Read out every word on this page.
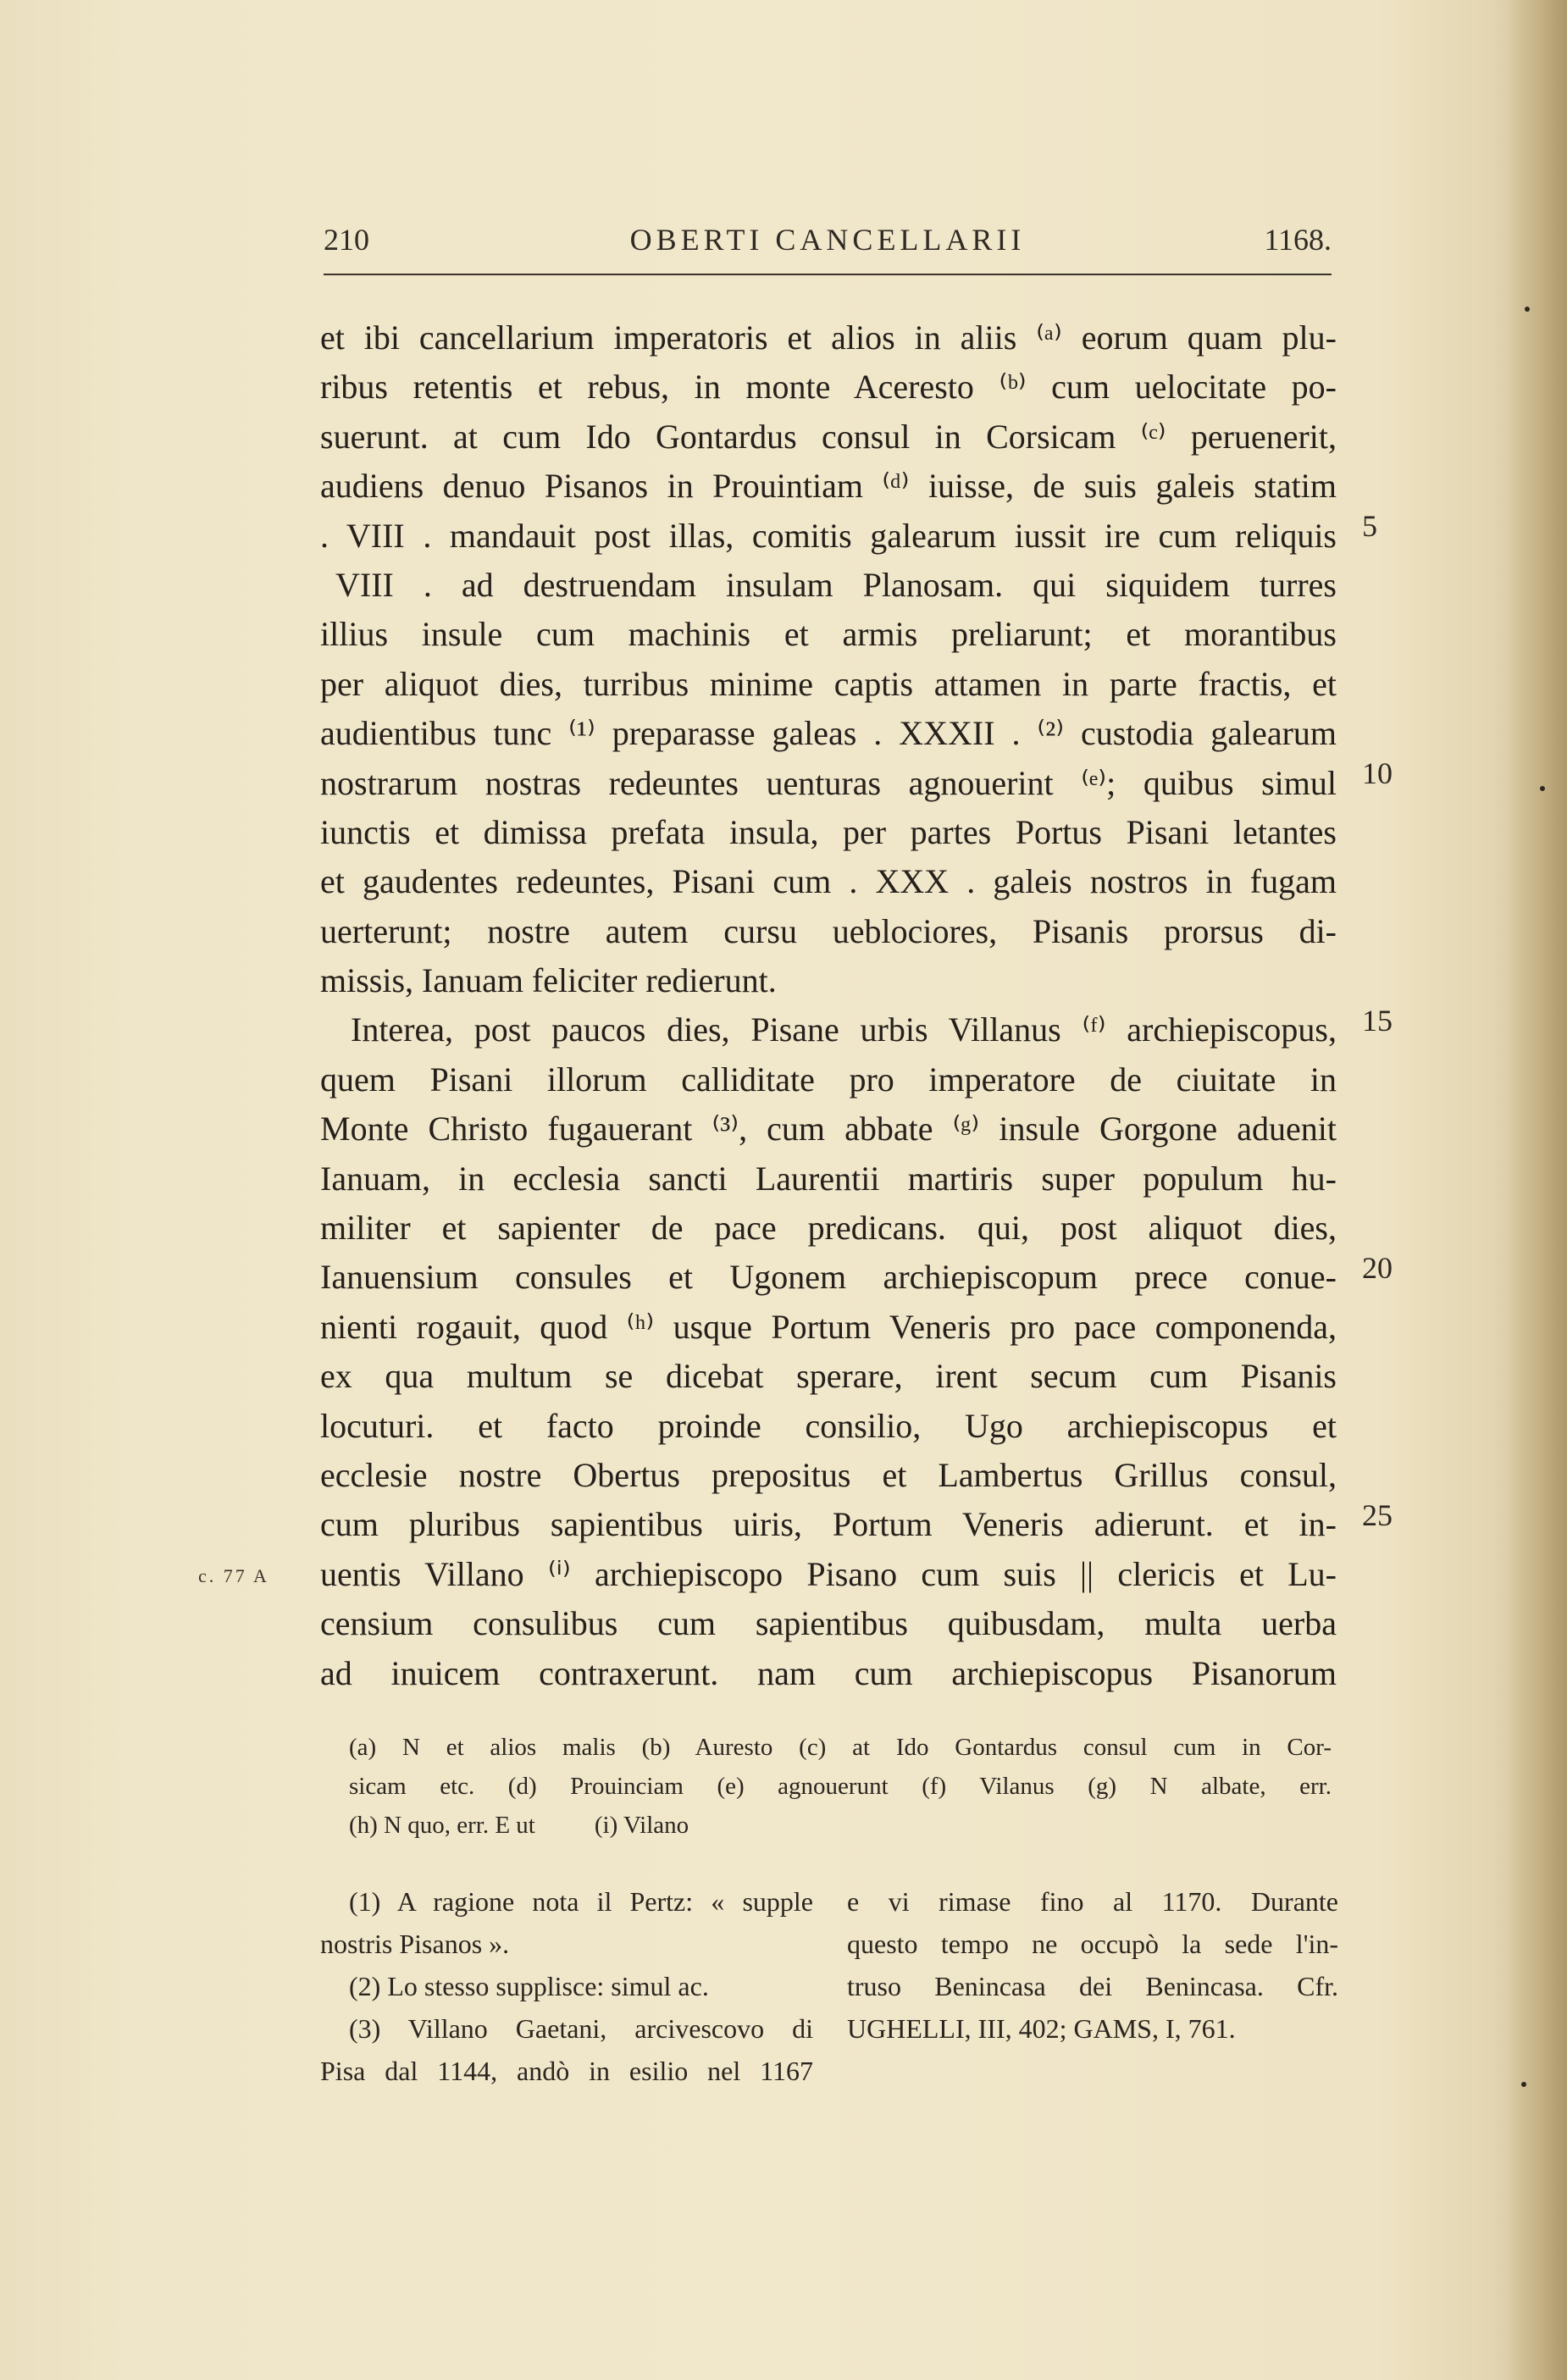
210	OBERTI CANCELLARII	1168.
et ibi cancellarium imperatoris et alios in aliis ⁽ᵃ⁾ eorum quam plu-
ribus retentis et rebus, in monte Aceresto ⁽ᵇ⁾ cum uelocitate po-
suerunt. at cum Ido Gontardus consul in Corsicam ⁽ᶜ⁾ peruenerit,
audiens denuo Pisanos in Prouintiam ⁽ᵈ⁾ iuisse, de suis galeis statim
. VIII . mandauit post illas, comitis galearum iussit ire cum reliquis
VIII . ad destruendam insulam Planosam. qui siquidem turres
illius insule cum machinis et armis preliarunt; et morantibus
per aliquot dies, turribus minime captis attamen in parte fractis, et
audientibus tunc ⁽¹⁾ preparasse galeas . XXXII . ⁽²⁾ custodia galearum
nostrarum nostras redeuntes uenturas agnouerint ⁽ᵉ⁾; quibus simul
iunctis et dimissa prefata insula, per partes Portus Pisani letantes
et gaudentes redeuntes, Pisani cum . XXX . galeis nostros in fugam
uerterunt; nostre autem cursu ueblociores, Pisanis prorsus di-
missis, Ianuam feliciter redierunt.
Interea, post paucos dies, Pisane urbis Villanus ⁽ᶠ⁾ archiepiscopus,
quem Pisani illorum calliditate pro imperatore de ciuitate in
Monte Christo fugauerant ⁽³⁾, cum abbate ⁽ᵍ⁾ insule Gorgone aduenit
Ianuam, in ecclesia sancti Laurentii martiris super populum hu-
militer et sapienter de pace predicans. qui, post aliquot dies,
Ianuensium consules et Ugonem archiepiscopum prece conue-
nienti rogauit, quod ⁽ʰ⁾ usque Portum Veneris pro pace componenda,
ex qua multum se dicebat sperare, irent secum cum Pisanis
locuturi. et facto proinde consilio, Ugo archiepiscopus et
ecclesie nostre Obertus prepositus et Lambertus Grillus consul,
cum pluribus sapientibus uiris, Portum Veneris adierunt. et in-
uentis Villano ⁽ⁱ⁾ archiepiscopo Pisano cum suis || clericis et Lu-
censium consulibus cum sapientibus quibusdam, multa uerba
ad inuicem contraxerunt. nam cum archiepiscopus Pisanorum
5
10
15
20
25
c. 77 A
(a) N et alios malis (b) Auresto (c) at Ido Gontardus consul cum in Cor-
sicam etc. (d) Prouinciam (e) agnouerunt (f) Vilanus (g) N albate, err.
(h) N quo, err. E ut (i) Vilano
(1) A ragione nota il Pertz: « supple
nostris Pisanos ».
(2) Lo stesso supplisce: simul ac.
(3) Villano Gaetani, arcivescovo di
Pisa dal 1144, andò in esilio nel 1167
e vi rimase fino al 1170. Durante
questo tempo ne occupò la sede l'in-
truso Benincasa dei Benincasa. Cfr.
UGHELLI, III, 402; GAMS, I, 761.
